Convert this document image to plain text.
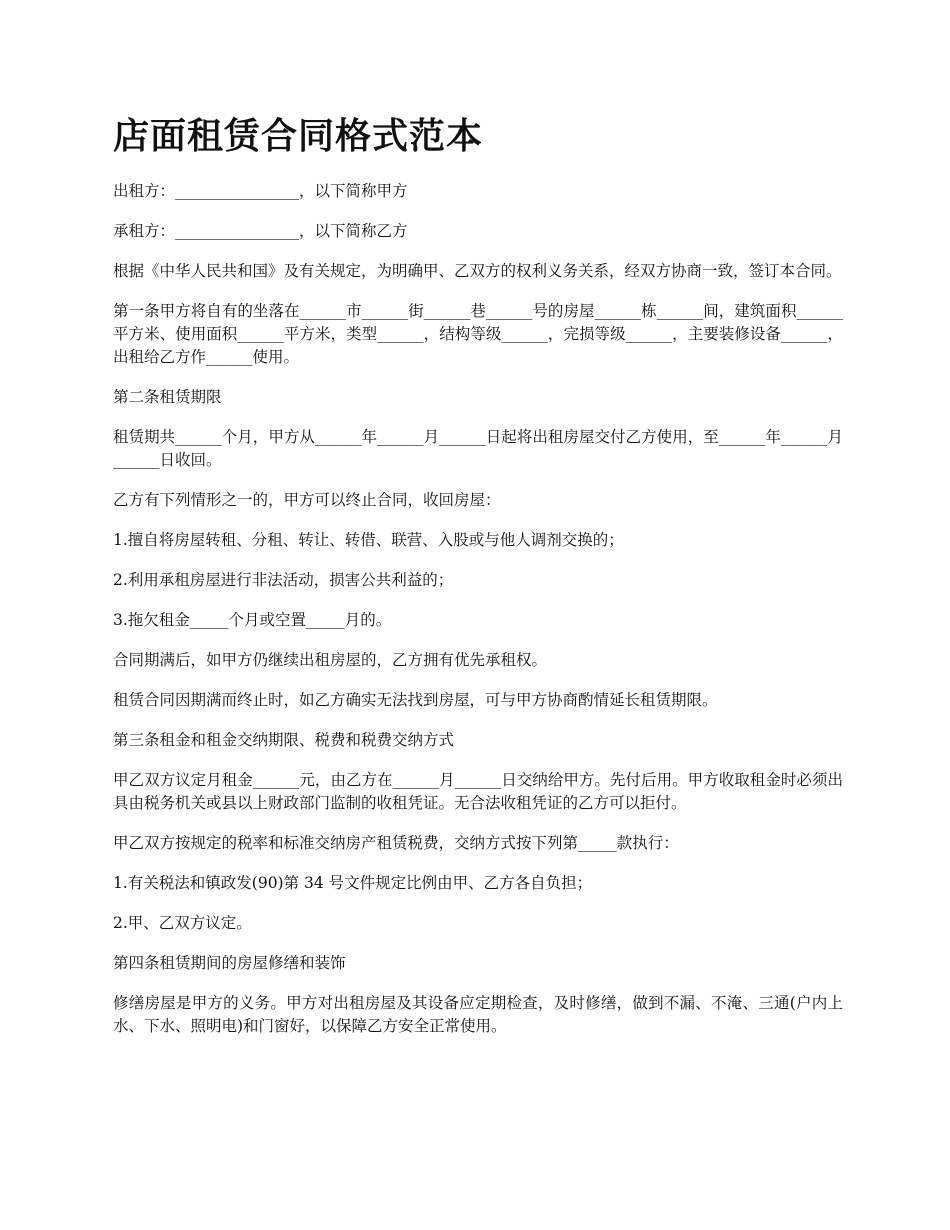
店面租赁合同格式范本

出租方：________________，以下简称甲方

承租方：________________，以下简称乙方

根据《中华人民共和国》及有关规定，为明确甲、乙双方的权利义务关系，经双方协商一致，签订本合同。

第一条甲方将自有的坐落在______市______街______巷______号的房屋______栋______间，建筑面积______平方米、使用面积______平方米，类型______，结构等级______，完损等级______，主要装修设备______，出租给乙方作______使用。

第二条租赁期限

租赁期共______个月，甲方从______年______月______日起将出租房屋交付乙方使用，至______年______月______日收回。

乙方有下列情形之一的，甲方可以终止合同，收回房屋：

1.擅自将房屋转租、分租、转让、转借、联营、入股或与他人调剂交换的；

2.利用承租房屋进行非法活动，损害公共利益的；

3.拖欠租金_____个月或空置_____月的。

合同期满后，如甲方仍继续出租房屋的，乙方拥有优先承租权。

租赁合同因期满而终止时，如乙方确实无法找到房屋，可与甲方协商酌情延长租赁期限。

第三条租金和租金交纳期限、税费和税费交纳方式

甲乙双方议定月租金______元，由乙方在______月______日交纳给甲方。先付后用。甲方收取租金时必须出具由税务机关或县以上财政部门监制的收租凭证。无合法收租凭证的乙方可以拒付。

甲乙双方按规定的税率和标准交纳房产租赁税费，交纳方式按下列第_____款执行：

1.有关税法和镇政发(90)第 34 号文件规定比例由甲、乙方各自负担；

2.甲、乙双方议定。

第四条租赁期间的房屋修缮和装饰

修缮房屋是甲方的义务。甲方对出租房屋及其设备应定期检查，及时修缮，做到不漏、不淹、三通(户内上水、下水、照明电)和门窗好，以保障乙方安全正常使用。
